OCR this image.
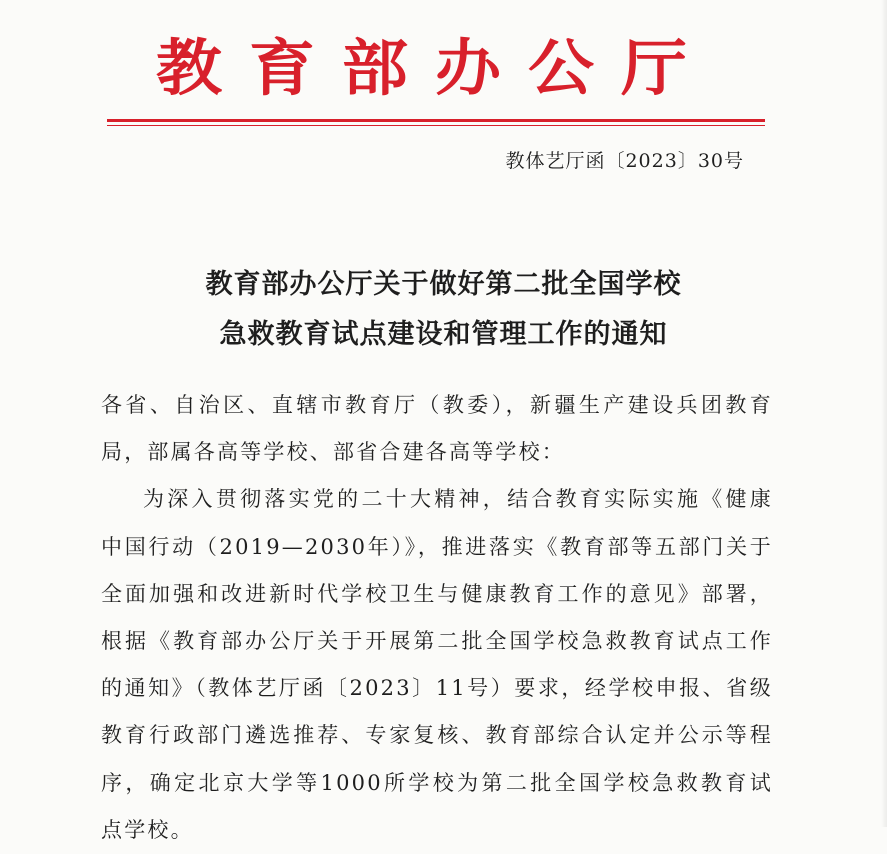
教育部办公厅
教体艺厅函〔2023〕30号
教育部办公厅关于做好第二批全国学校
急救教育试点建设和管理工作的通知
各省、自治区、直辖市教育厅（教委），新疆生产建设兵团教育
局，部属各高等学校、部省合建各高等学校：
为深入贯彻落实党的二十大精神，结合教育实际实施《健康
中国行动（2019—2030年）》，推进落实《教育部等五部门关于
全面加强和改进新时代学校卫生与健康教育工作的意见》部署，
根据《教育部办公厅关于开展第二批全国学校急救教育试点工作
的通知》（教体艺厅函〔2023〕11号）要求，经学校申报、省级
教育行政部门遴选推荐、专家复核、教育部综合认定并公示等程
序，确定北京大学等1000所学校为第二批全国学校急救教育试
点学校。
